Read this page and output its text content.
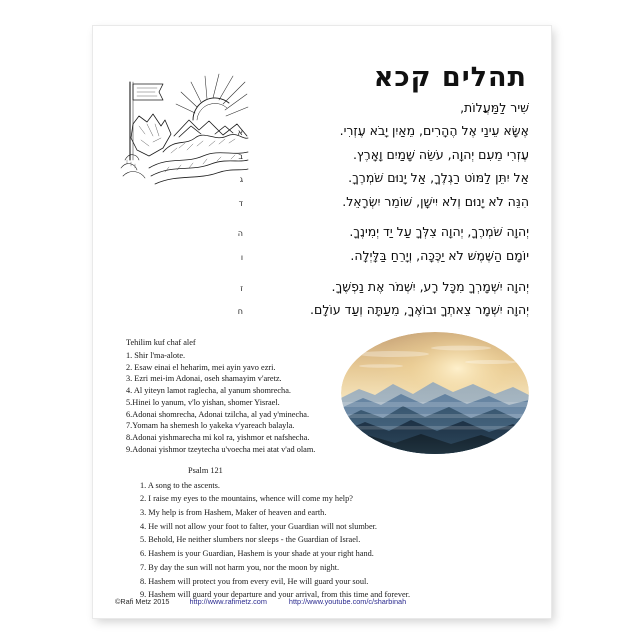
תהלים קכא
שִׁיר לַמַּעֲלוֹת,
אֶשָּׂא עֵינַי אֶל הֶהָרִים, מֵאַיִן יָבֹא עֶזְרִי.
א
עֶזְרִי מֵעִם יְהוָה, עֹשֵׂה שָׁמַיִם וָאָרֶץ.
ב
אַל יִתֵּן לַמּוֹט רַגְלֶךָ, אַל יָנוּם שֹׁמְרֶךָ.
ג
הִנֵּה לֹא יָנוּם וְלֹא יִישָׁן, שׁוֹמֵר יִשְׂרָאֵל.
ד
יְהוָה שֹׁמְרֶךָ, יְהוָה צִלְּךָ עַל יַד יְמִינֶךָ.
ה
יוֹמָם הַשֶּׁמֶשׁ לֹא יַכֶּכָּה, וְיָרֵחַ בַּלָּיְלָה.
ו
יְהוָה יִשְׁמָרְךָ מִכָּל רָע, יִשְׁמֹר אֶת נַפְשֶׁךָ.
ז
יְהוָה יִשְׁמָר צֵאתְךָ וּבוֹאֶךָ, מֵעַתָּה וְעַד עוֹלָם.
ח
Tehilim kuf chaf alef
1. Shir l'ma-alote.
2. Esaw einai el heharim, mei ayin yavo ezri.
3. Ezri mei-im Adonai, oseh shamayim v'aretz.
4. Al yiteyn lamot raglecha, al yanum shomrecha.
5.Hinei lo yanum, v'lo yishan, shomer Yisrael.
6.Adonai shomrecha, Adonai tzilcha, al yad y'minecha.
7.Yomam ha shemesh lo yakeka v'yareach balayla.
8.Adonai yishmarecha mi kol ra, yishmor et nafshecha.
9.Adonai yishmor tzeytecha u'voecha mei atat v'ad olam.
Psalm 121
1. A song to the ascents.
2. I raise my eyes to the mountains, whence will come my help?
3. My help is from Hashem, Maker of heaven and earth.
4. He will not allow your foot to falter, your Guardian will not slumber.
5. Behold, He neither slumbers nor sleeps - the Guardian of Israel.
6. Hashem is your Guardian, Hashem is your shade at your right hand.
7. By day the sun will not harm you, nor the moon by night.
8. Hashem will protect you from every evil, He will guard your soul.
9. Hashem will guard your departure and your arrival, from this time and forever.
©Rafi Metz 2015	http://www.rafimetz.com	http://www.youtube.com/c/sharbinah
